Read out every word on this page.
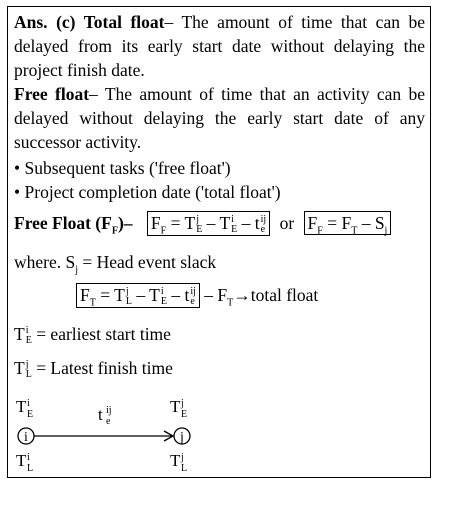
Ans. (c) Total float– The amount of time that can be
delayed from its early start date without delaying the
project finish date.
Free float– The amount of time that an activity can be
delayed without delaying the early start date of any
successor activity.
• Subsequent tasks ('free float')
• Project completion date ('total float')
Free Float $(F_F)-$ $F_F = T$ j
E – T i
E – t ij
e or $F_F = F_T - S_j$
where. $S_j$ = Head event slack
$F_T = T$ j
L – T i
E – t ij
$e - F_T\to total$ float
T i
E = earliest start time
T j
L = Latest finish time
T i
E	T j
E
t ij
e
i	j
T i
L	T j
L
